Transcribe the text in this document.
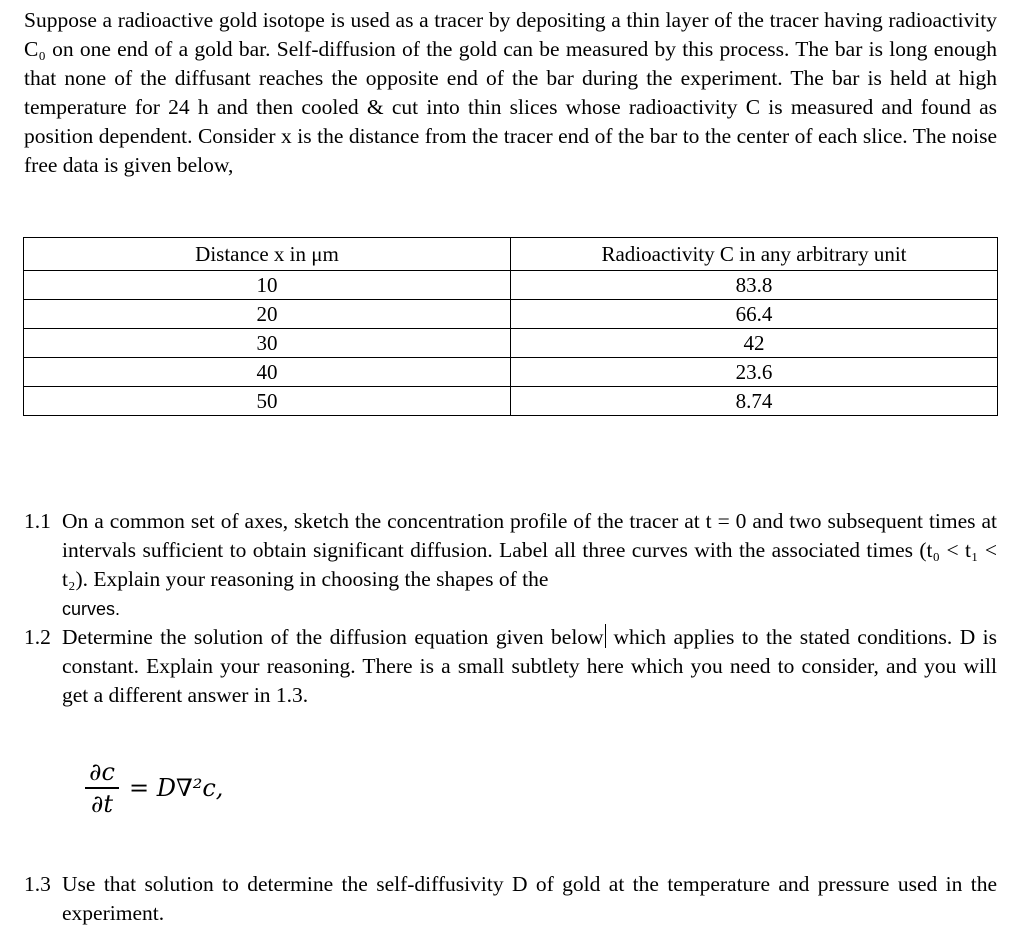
Suppose a radioactive gold isotope is used as a tracer by depositing a thin layer of the tracer having radioactivity C₀ on one end of a gold bar. Self-diffusion of the gold can be measured by this process. The bar is long enough that none of the diffusant reaches the opposite end of the bar during the experiment. The bar is held at high temperature for 24 h and then cooled & cut into thin slices whose radioactivity C is measured and found as position dependent. Consider x is the distance from the tracer end of the bar to the center of each slice. The noise free data is given below,

Distance x in μm	Radioactivity C in any arbitrary unit
10	83.8
20	66.4
30	42
40	23.6
50	8.74
1.1 On a common set of axes, sketch the concentration profile of the tracer at t = 0 and two subsequent times at intervals sufficient to obtain significant diffusion. Label all three curves with the associated times (t₀ < t₁ < t₂). Explain your reasoning in choosing the shapes of the
curves.
1.2 Determine the solution of the diffusion equation given below which applies to the stated conditions. D is constant. Explain your reasoning. There is a small subtlety here which you need to consider, and you will get a different answer in 1.3.
$\frac{\partial c}{\partial t} = D\nabla^2c$,
1.3 Use that solution to determine the self-diffusivity D of gold at the temperature and pressure used in the experiment.
